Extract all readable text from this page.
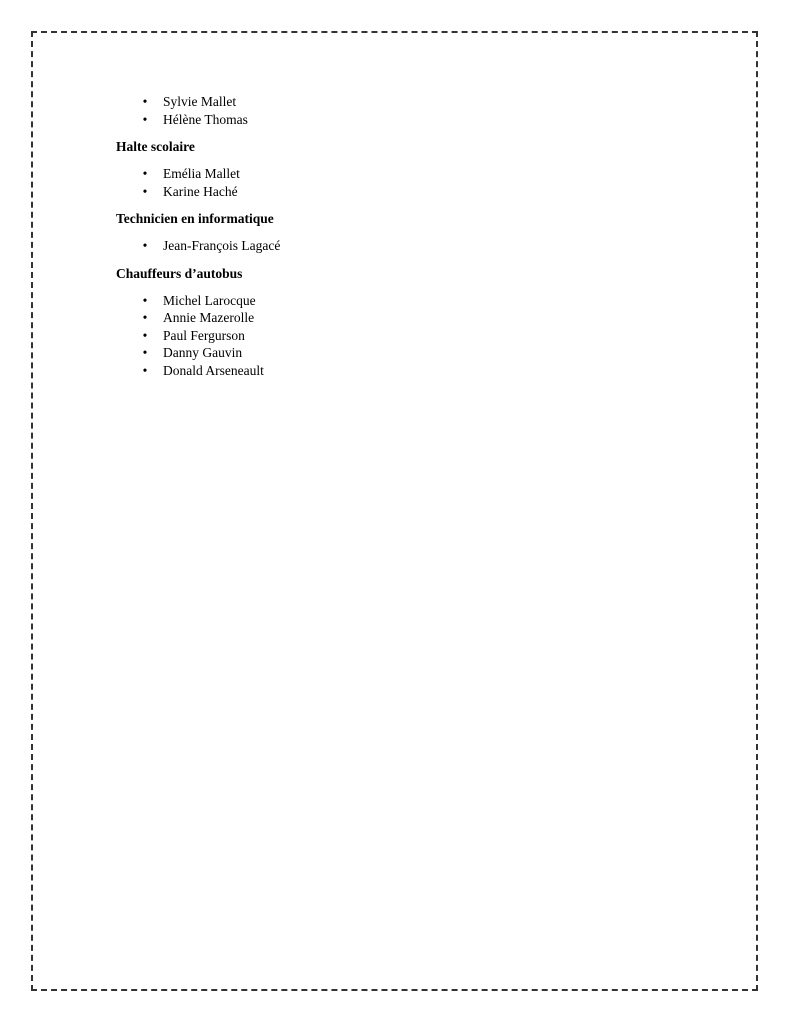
• Sylvie Mallet
• Hélène Thomas

Halte scolaire

• Emélia Mallet
• Karine Haché

Technicien en informatique

• Jean-François Lagacé

Chauffeurs d’autobus

• Michel Larocque
• Annie Mazerolle
• Paul Fergurson
• Danny Gauvin
• Donald Arseneault
